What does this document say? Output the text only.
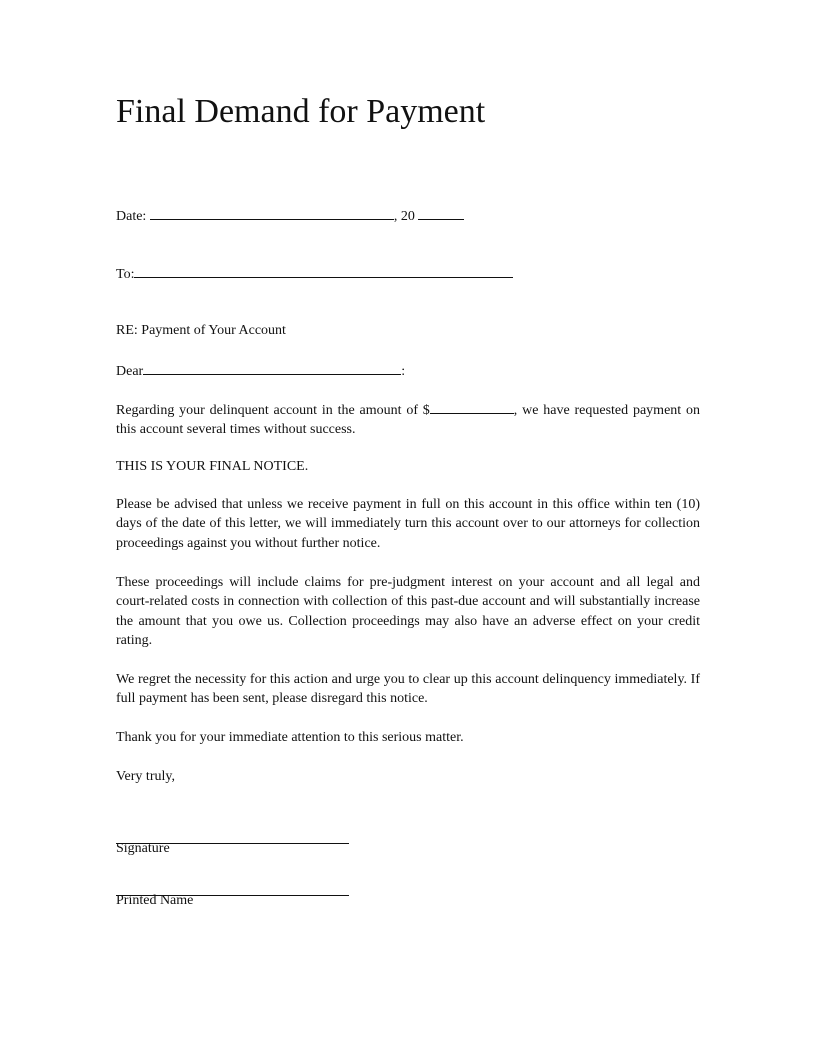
Final Demand for Payment
Date:	, 20
To:
RE: Payment of Your Account
Dear	:

Regarding your delinquent account in the amount of $	, we have requested payment on this account several times without success.

THIS IS YOUR FINAL NOTICE.

Please be advised that unless we receive payment in full on this account in this office within ten (10) days of the date of this letter, we will immediately turn this account over to our attorneys for collection proceedings against you without further notice.

These proceedings will include claims for pre-judgment interest on your account and all legal and court-related costs in connection with collection of this past-due account and will substantially increase the amount that you owe us. Collection proceedings may also have an adverse effect on your credit rating.

We regret the necessity for this action and urge you to clear up this account delinquency immediately. If full payment has been sent, please disregard this notice.

Thank you for your immediate attention to this serious matter.
Very truly,
Signature
Printed Name
